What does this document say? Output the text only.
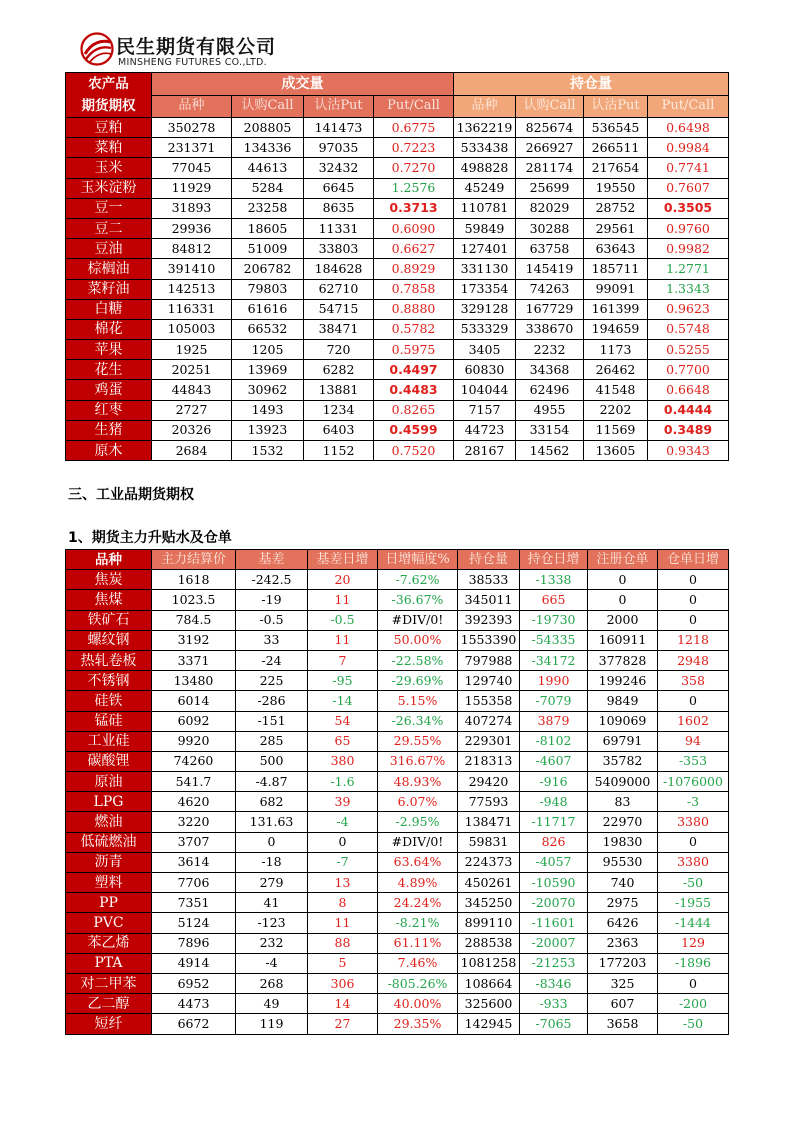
民生期货有限公司
MINSHENG FUTURES CO.,LTD.
农产品
期货期权	成交量				持仓量			
	品种	认购Call	认沽Put	Put/Call	品种	认购Call	认沽Put	Put/Call
豆粕	350278	208805	141473	0.6775	1362219	825674	536545	0.6498
菜粕	231371	134336	97035	0.7223	533438	266927	266511	0.9984
玉米	77045	44613	32432	0.7270	498828	281174	217654	0.7741
玉米淀粉	11929	5284	6645	1.2576	45249	25699	19550	0.7607
豆一	31893	23258	8635	0.3713	110781	82029	28752	0.3505
豆二	29936	18605	11331	0.6090	59849	30288	29561	0.9760
豆油	84812	51009	33803	0.6627	127401	63758	63643	0.9982
棕榈油	391410	206782	184628	0.8929	331130	145419	185711	1.2771
菜籽油	142513	79803	62710	0.7858	173354	74263	99091	1.3343
白糖	116331	61616	54715	0.8880	329128	167729	161399	0.9623
棉花	105003	66532	38471	0.5782	533329	338670	194659	0.5748
苹果	1925	1205	720	0.5975	3405	2232	1173	0.5255
花生	20251	13969	6282	0.4497	60830	34368	26462	0.7700
鸡蛋	44843	30962	13881	0.4483	104044	62496	41548	0.6648
红枣	2727	1493	1234	0.8265	7157	4955	2202	0.4444
生猪	20326	13923	6403	0.4599	44723	33154	11569	0.3489
原木	2684	1532	1152	0.7520	28167	14562	13605	0.9343
三、工业品期货期权
1、期货主力升贴水及仓单
品种	主力结算价	基差	基差日增	日增幅度%	持仓量	持仓日增	注册仓单	仓单日增
焦炭	1618	-242.5	20	-7.62%	38533	-1338	0	0
焦煤	1023.5	-19	11	-36.67%	345011	665	0	0
铁矿石	784.5	-0.5	-0.5	#DIV/0!	392393	-19730	2000	0
螺纹钢	3192	33	11	50.00%	1553390	-54335	160911	1218
热轧卷板	3371	-24	7	-22.58%	797988	-34172	377828	2948
不锈钢	13480	225	-95	-29.69%	129740	1990	199246	358
硅铁	6014	-286	-14	5.15%	155358	-7079	9849	0
锰硅	6092	-151	54	-26.34%	407274	3879	109069	1602
工业硅	9920	285	65	29.55%	229301	-8102	69791	94
碳酸锂	74260	500	380	316.67%	218313	-4607	35782	-353
原油	541.7	-4.87	-1.6	48.93%	29420	-916	5409000	-1076000
LPG	4620	682	39	6.07%	77593	-948	83	-3
燃油	3220	131.63	-4	-2.95%	138471	-11717	22970	3380
低硫燃油	3707	0	0	#DIV/0!	59831	826	19830	0
沥青	3614	-18	-7	63.64%	224373	-4057	95530	3380
塑料	7706	279	13	4.89%	450261	-10590	740	-50
PP	7351	41	8	24.24%	345250	-20070	2975	-1955
PVC	5124	-123	11	-8.21%	899110	-11601	6426	-1444
苯乙烯	7896	232	88	61.11%	288538	-20007	2363	129
PTA	4914	-4	5	7.46%	1081258	-21253	177203	-1896
对二甲苯	6952	268	306	-805.26%	108664	-8346	325	0
乙二醇	4473	49	14	40.00%	325600	-933	607	-200
短纤	6672	119	27	29.35%	142945	-7065	3658	-50
